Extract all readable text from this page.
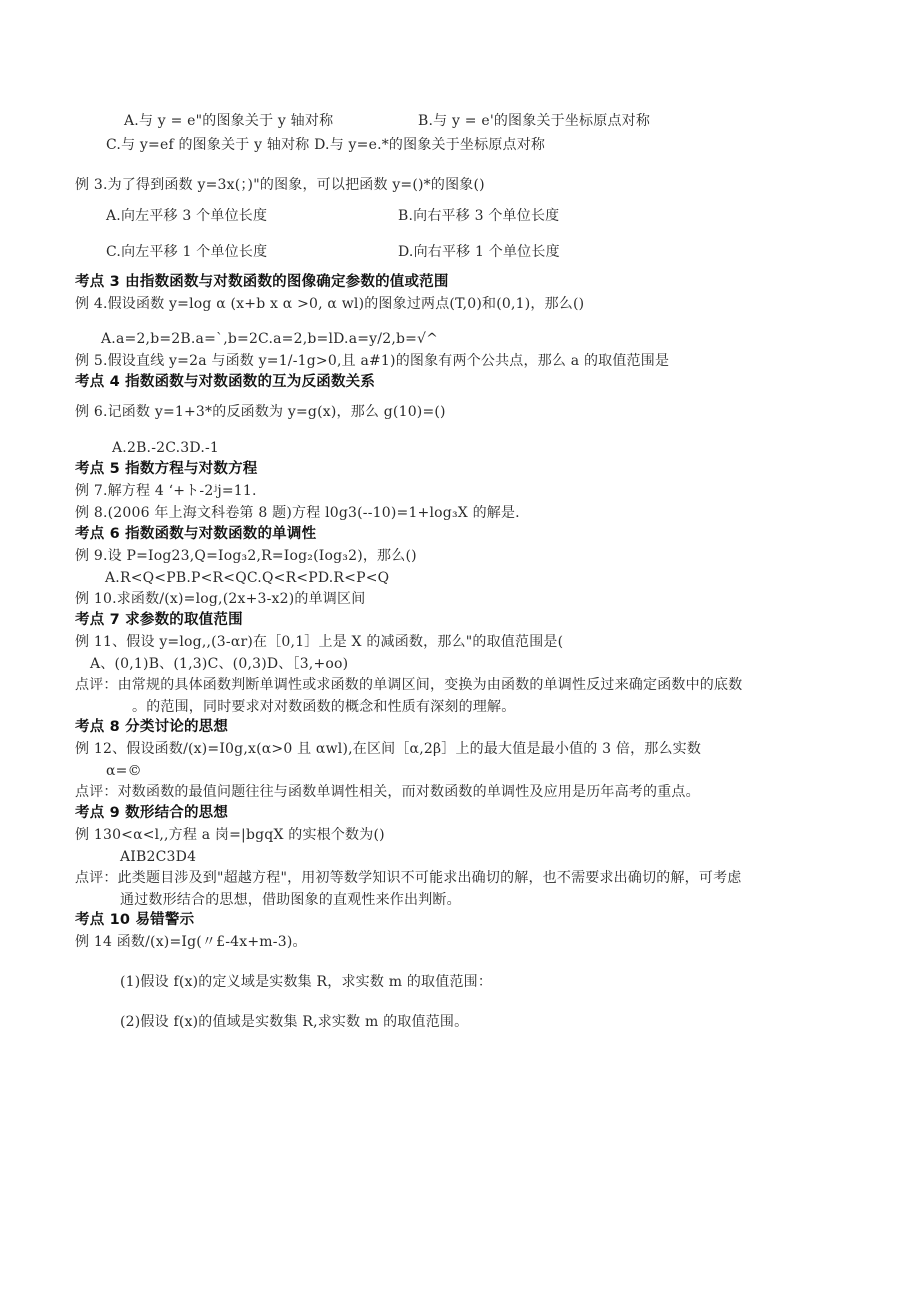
A.与 y = e"的图象关于 y 轴对称	B.与 y = e'的图象关于坐标原点对称
C.与 y=ef 的图象关于 y 轴对称 D.与 y=e.*的图象关于坐标原点对称
例 3.为了得到函数 y=3x(；)"的图象，可以把函数 y=()*的图象()
A.向左平移 3 个单位长度	B.向右平移 3 个单位长度
C.向左平移 1 个单位长度	D.向右平移 1 个单位长度
考点 3 由指数函数与对数函数的图像确定参数的值或范围
例 4.假设函数 y=log α (x+b x α >0, α wl)的图象过两点(T,0)和(0,1)，那么()
A.a=2,b=2B.a=`,b=2C.a=2,b=lD.a=y/2,b=√^
例 5.假设直线 y=2a 与函数 y=1/-1g>0,且 a#1)的图象有两个公共点，那么 a 的取值范围是
考点 4 指数函数与对数函数的互为反函数关系
例 6.记函数 y=1+3*的反函数为 y=g(x)，那么 g(10)=()
A.2B.-2C.3D.-1
考点 5 指数方程与对数方程
例 7.解方程 4 ‘+ト-2ʲj=11.
例 8.(2006 年上海文科卷第 8 题)方程 l0g3(--10)=1+log₃X 的解是.
考点 6 指数函数与对数函数的单调性
例 9.设 P=Iog23,Q=Iog₃2,R=Iog₂(Iog₃2)，那么()
A.R<Q<PB.P<R<QC.Q<R<PD.R<P<Q
例 10.求函数/(x)=log,(2x+3-x2)的单调区间
考点 7 求参数的取值范围
例 11、假设 y=log,,(3-αr)在［0,1］上是 X 的减函数，那么"的取值范围是(
A、(0,1)B、(1,3)C、(0,3)D、［3,+oo)
点评：由常规的具体函数判断单调性或求函数的单调区间，变换为由函数的单调性反过来确定函数中的底数
。的范围，同时要求对对数函数的概念和性质有深刻的理解。
考点 8 分类讨论的思想
例 12、假设函数/(x)=I0g,x(α>0 且 αwl),在区间［α,2β］上的最大值是最小值的 3 倍，那么实数
α=©
点评：对数函数的最值问题往往与函数单调性相关，而对数函数的单调性及应用是历年高考的重点。
考点 9 数形结合的思想
例 130<α<l,,方程 a 岗=|bgqX 的实根个数为()
AIB2C3D4
点评：此类题目涉及到"超越方程"，用初等数学知识不可能求出确切的解，也不需要求出确切的解，可考虑
通过数形结合的思想，借助图象的直观性来作出判断。
考点 10 易错警示
例 14 函数/(x)=Ig(〃£-4x+m-3)。
(1)假设 f(x)的定义域是实数集 R，求实数 m 的取值范围：
(2)假设 f(x)的值域是实数集 R,求实数 m 的取值范围。
